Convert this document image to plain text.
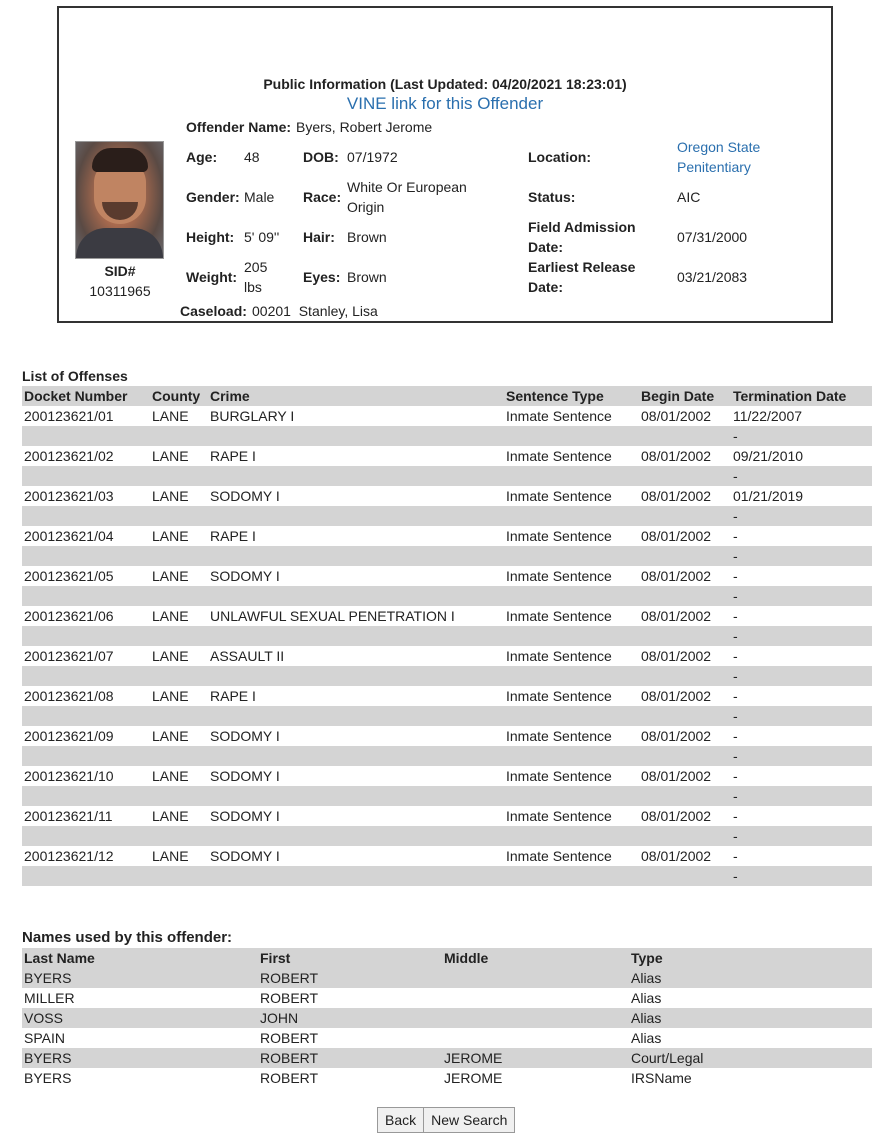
Public Information (Last Updated: 04/20/2021 18:23:01)
VINE link for this Offender
Offender Name: Byers, Robert Jerome
SID#
10311965
Age: 48	DOB: 07/1972	Location:
Oregon State
Penitentiary
Gender: Male Race:
White Or European
Origin
Status:	AIC
Height: 5' 09'' Hair: Brown
Field Admission
Date:
07/31/2000
Weight:
205
lbs
Eyes: Brown
Earliest Release
Date:
03/21/2083
Caseload: 00201  Stanley, Lisa
List of Offenses
Docket Number	County	Crime	Sentence Type	Begin Date	Termination Date
200123621/01	LANE	BURGLARY I	Inmate Sentence	08/01/2002	11/22/2007
					-
200123621/02	LANE	RAPE I	Inmate Sentence	08/01/2002	09/21/2010
					-
200123621/03	LANE	SODOMY I	Inmate Sentence	08/01/2002	01/21/2019
					-
200123621/04	LANE	RAPE I	Inmate Sentence	08/01/2002	-
					-
200123621/05	LANE	SODOMY I	Inmate Sentence	08/01/2002	-
					-
200123621/06	LANE	UNLAWFUL SEXUAL PENETRATION I	Inmate Sentence	08/01/2002	-
					-
200123621/07	LANE	ASSAULT II	Inmate Sentence	08/01/2002	-
					-
200123621/08	LANE	RAPE I	Inmate Sentence	08/01/2002	-
					-
200123621/09	LANE	SODOMY I	Inmate Sentence	08/01/2002	-
					-
200123621/10	LANE	SODOMY I	Inmate Sentence	08/01/2002	-
					-
200123621/11	LANE	SODOMY I	Inmate Sentence	08/01/2002	-
					-
200123621/12	LANE	SODOMY I	Inmate Sentence	08/01/2002	-
					-
Names used by this offender:
Last Name	First	Middle	Type
BYERS	ROBERT		Alias
MILLER	ROBERT		Alias
VOSS	JOHN		Alias
SPAIN	ROBERT		Alias
BYERS	ROBERT	JEROME	Court/Legal
BYERS	ROBERT	JEROME	IRSName
Back	New Search
